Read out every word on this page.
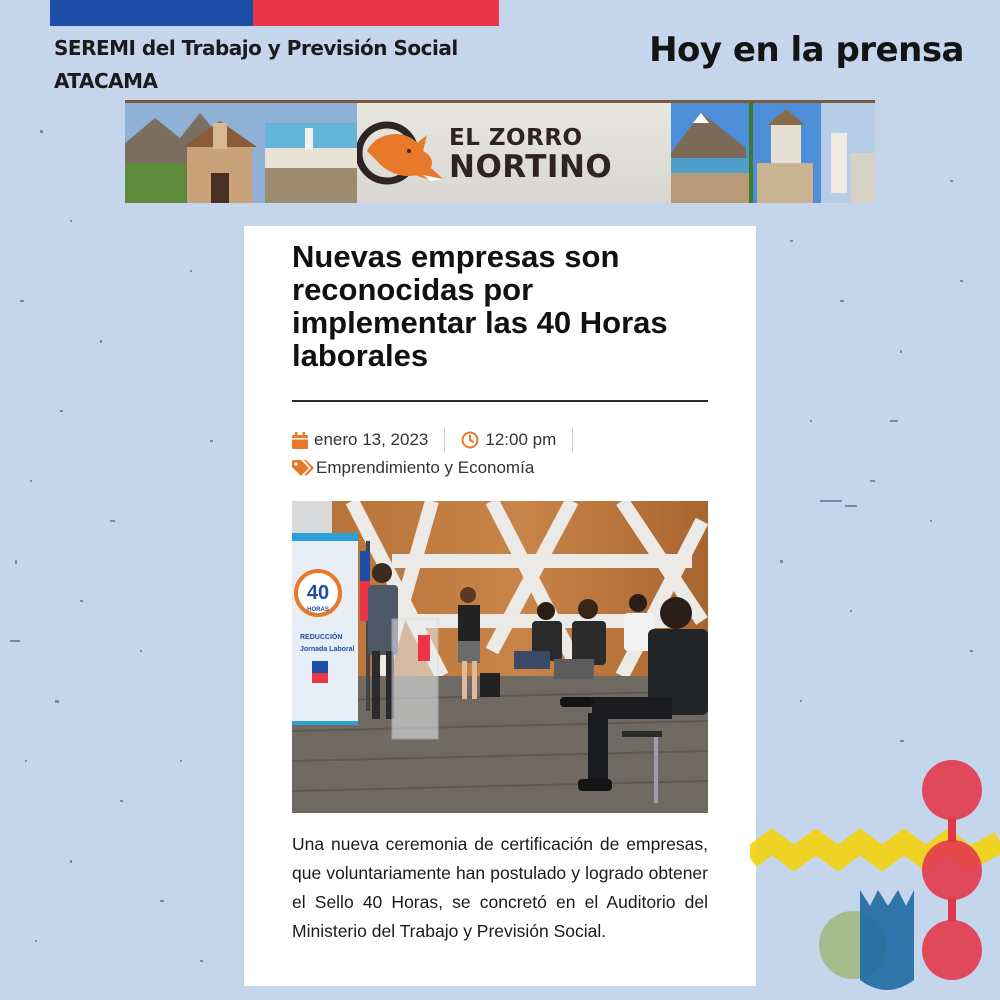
SEREMI del Trabajo y Previsión Social
ATACAMA
Hoy en la prensa
EL ZORRO
NORTINO
Nuevas empresas son reconocidas por implementar las 40 Horas laborales
enero 13, 2023	12:00 pm
Emprendimiento y Economía
40
HORAS
REDUCCIÓN
Jornada Laboral
Una nueva ceremonia de certificación de empresas, que voluntariamente han postulado y logrado obtener el Sello 40 Horas, se concretó en el Auditorio del Ministerio del Trabajo y Previsión Social.
